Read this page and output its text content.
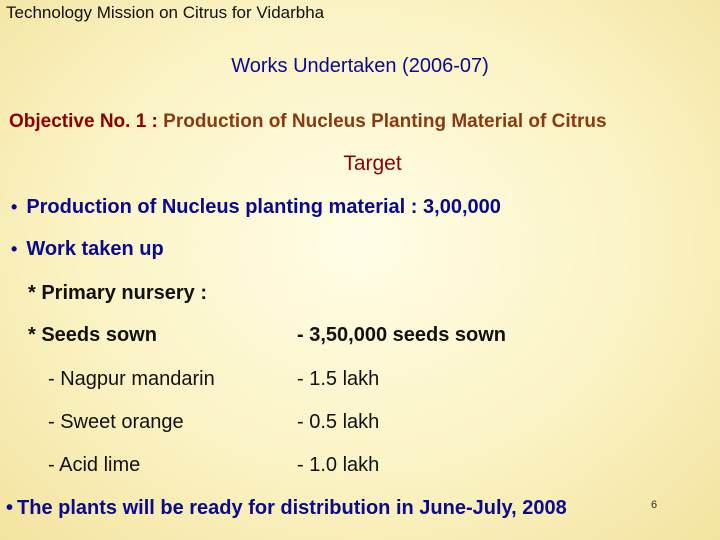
Technology Mission on Citrus for Vidarbha
Works Undertaken (2006-07)
Objective No. 1 : Production of Nucleus Planting Material of Citrus
Target
• Production of Nucleus planting material : 3,00,000
• Work taken up
* Primary nursery :
* Seeds sown	- 3,50,000 seeds sown
- Nagpur mandarin	- 1.5 lakh
- Sweet orange	- 0.5 lakh
- Acid lime	- 1.0 lakh
• The plants will be ready for distribution in June-July, 2008	6
